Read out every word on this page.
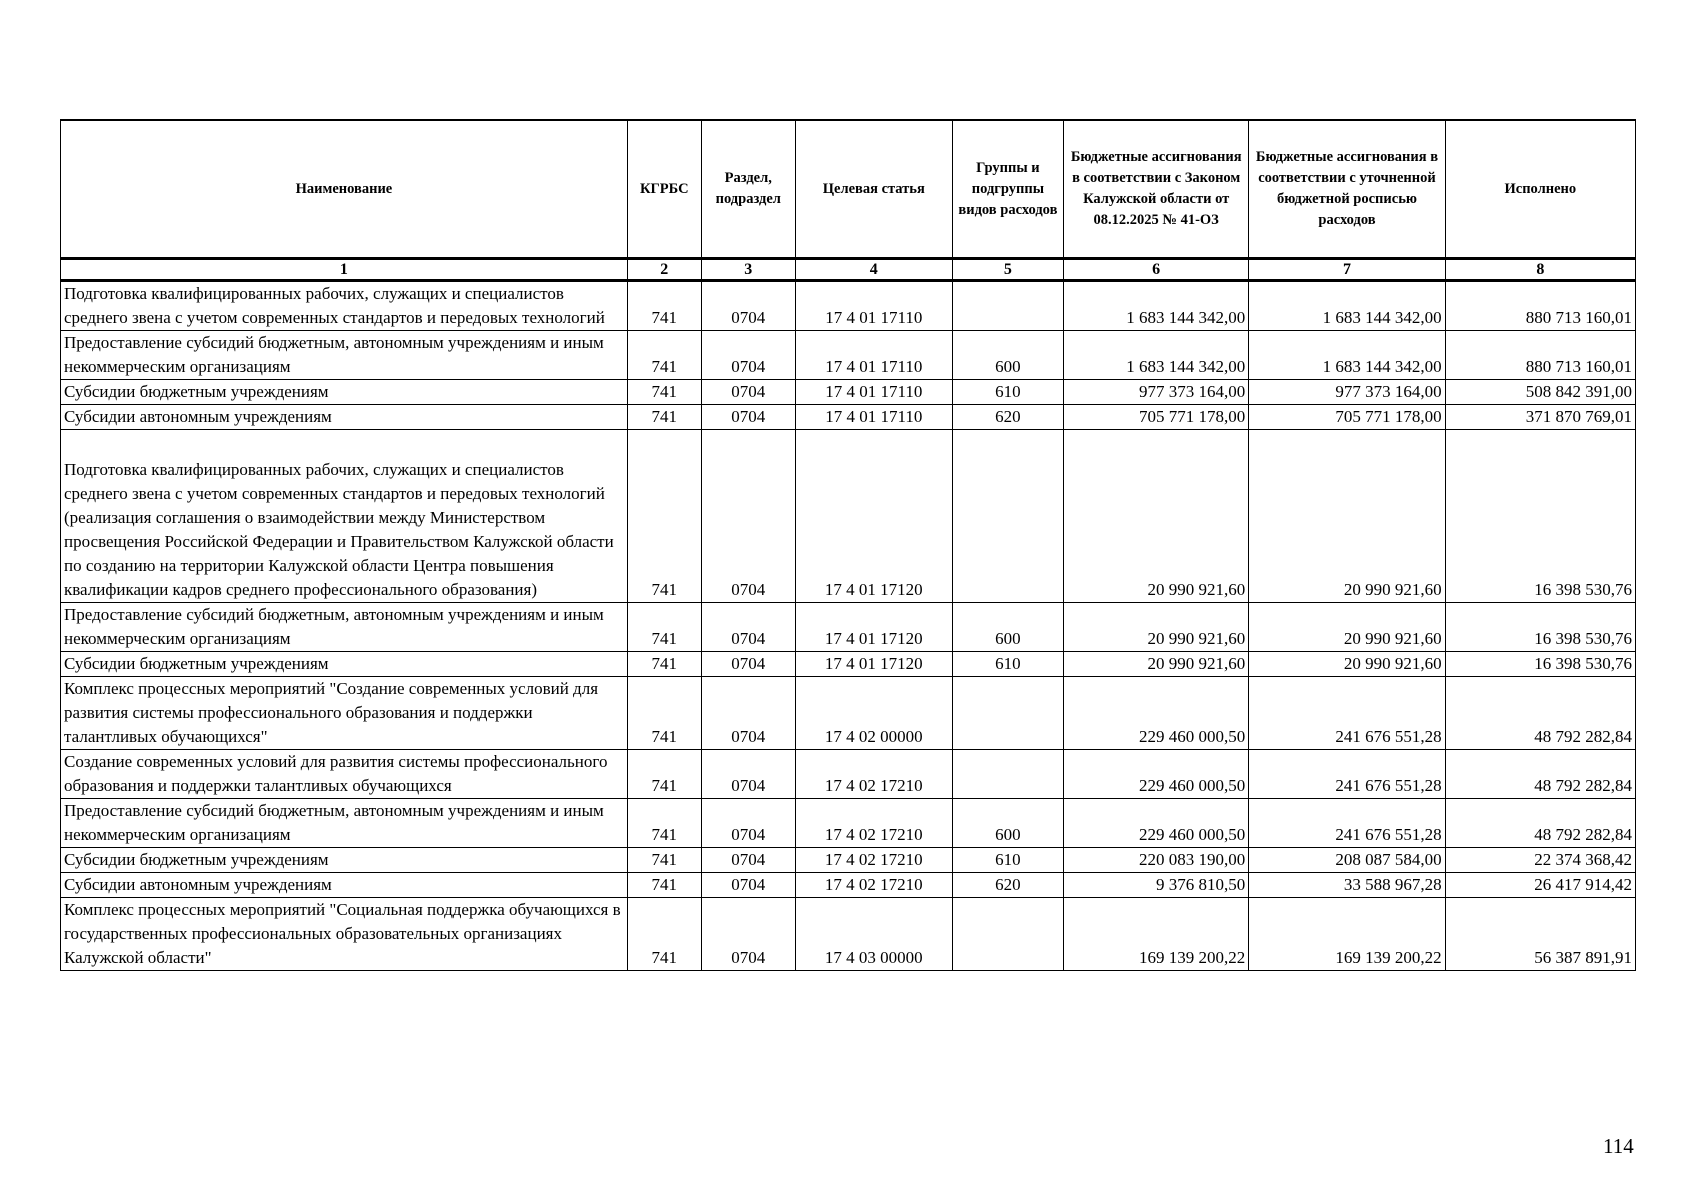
Наименование	КГРБС	Раздел, подраздел	Целевая статья	Группы и подгруппы видов расходов	Бюджетные ассигнования в соответствии с Законом Калужской области от 08.12.2025 № 41-ОЗ	Бюджетные ассигнования в соответствии с уточненной бюджетной росписью расходов	Исполнено
1	2	3	4	5	6	7	8
Подготовка квалифицированных рабочих, служащих и специалистов среднего звена с учетом современных стандартов и передовых технологий	741	0704	17 4 01 17110		1 683 144 342,00	1 683 144 342,00	880 713 160,01
Предоставление субсидий бюджетным, автономным учреждениям и иным некоммерческим организациям	741	0704	17 4 01 17110	600	1 683 144 342,00	1 683 144 342,00	880 713 160,01
Субсидии бюджетным учреждениям	741	0704	17 4 01 17110	610	977 373 164,00	977 373 164,00	508 842 391,00
Субсидии автономным учреждениям	741	0704	17 4 01 17110	620	705 771 178,00	705 771 178,00	371 870 769,01
Подготовка квалифицированных рабочих, служащих и специалистов среднего звена с учетом современных стандартов и передовых технологий (реализация соглашения о взаимодействии между Министерством просвещения Российской Федерации и Правительством Калужской области по созданию на территории Калужской области Центра повышения квалификации кадров среднего профессионального образования)	741	0704	17 4 01 17120		20 990 921,60	20 990 921,60	16 398 530,76
Предоставление субсидий бюджетным, автономным учреждениям и иным некоммерческим организациям	741	0704	17 4 01 17120	600	20 990 921,60	20 990 921,60	16 398 530,76
Субсидии бюджетным учреждениям	741	0704	17 4 01 17120	610	20 990 921,60	20 990 921,60	16 398 530,76
Комплекс процессных мероприятий "Создание современных условий для развития системы профессионального образования и поддержки талантливых обучающихся"	741	0704	17 4 02 00000		229 460 000,50	241 676 551,28	48 792 282,84
Создание современных условий для развития системы профессионального образования и поддержки талантливых обучающихся	741	0704	17 4 02 17210		229 460 000,50	241 676 551,28	48 792 282,84
Предоставление субсидий бюджетным, автономным учреждениям и иным некоммерческим организациям	741	0704	17 4 02 17210	600	229 460 000,50	241 676 551,28	48 792 282,84
Субсидии бюджетным учреждениям	741	0704	17 4 02 17210	610	220 083 190,00	208 087 584,00	22 374 368,42
Субсидии автономным учреждениям	741	0704	17 4 02 17210	620	9 376 810,50	33 588 967,28	26 417 914,42
Комплекс процессных мероприятий "Социальная поддержка обучающихся в государственных профессиональных образовательных организациях Калужской области"	741	0704	17 4 03 00000		169 139 200,22	169 139 200,22	56 387 891,91
114
